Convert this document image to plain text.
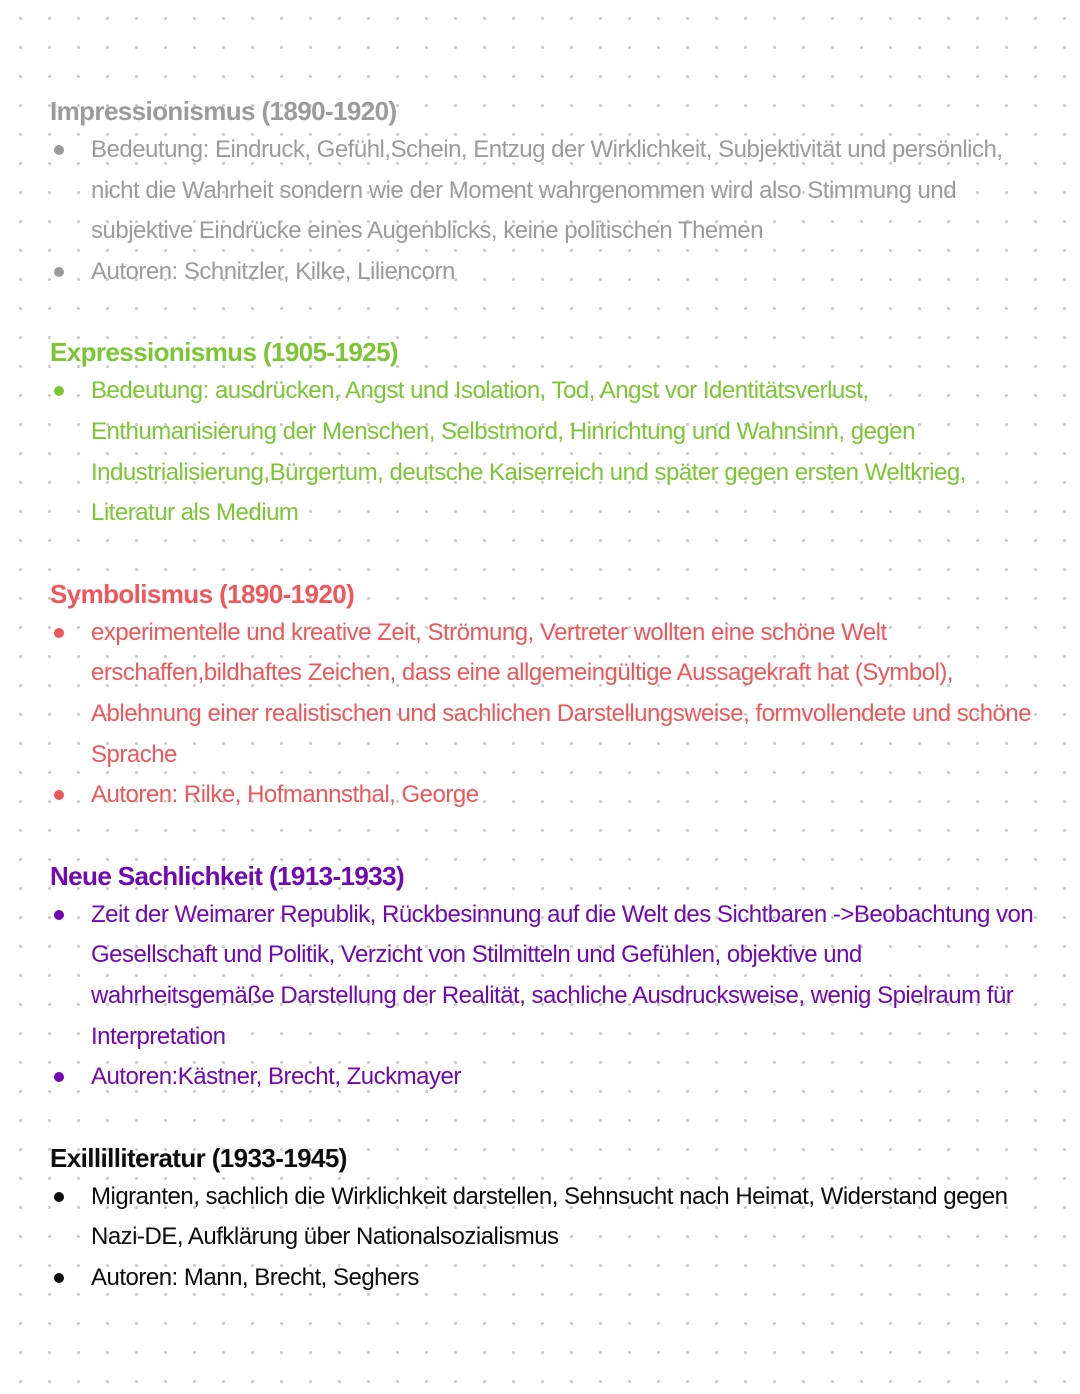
Impressionismus (1890-1920)
Bedeutung: Eindruck, Gefühl,Schein, Entzug der Wirklichkeit, Subjektivität und persönlich, nicht die Wahrheit sondern wie der Moment wahrgenommen wird also Stimmung und subjektive Eindrücke eines Augenblicks, keine politischen Themen
Autoren: Schnitzler, Kilke, Liliencorn
Expressionismus (1905-1925)
Bedeutung: ausdrücken, Angst und Isolation, Tod, Angst vor Identitätsverlust, Enthumanisierung der Menschen, Selbstmord, Hinrichtung und Wahnsinn, gegen Industrialisierung,Bürgertum, deutsche Kaiserreich und später gegen ersten Weltkrieg, Literatur als Medium
Symbolismus (1890-1920)
experimentelle und kreative Zeit, Strömung, Vertreter wollten eine schöne Welt erschaffen,bildhaftes Zeichen, dass eine allgemeingültige Aussagekraft hat (Symbol), Ablehnung einer realistischen und sachlichen Darstellungsweise, formvollendete und schöne Sprache
Autoren: Rilke, Hofmannsthal, George
Neue Sachlichkeit (1913-1933)
Zeit der Weimarer Republik, Rückbesinnung auf die Welt des Sichtbaren ->Beobachtung von Gesellschaft und Politik, Verzicht von Stilmitteln und Gefühlen, objektive und wahrheitsgemäße Darstellung der Realität, sachliche Ausdrucksweise, wenig Spielraum für Interpretation
Autoren:Kästner, Brecht, Zuckmayer
Exillilliteratur (1933-1945)
Migranten, sachlich die Wirklichkeit darstellen, Sehnsucht nach Heimat, Widerstand gegen Nazi-DE, Aufklärung über Nationalsozialismus
Autoren: Mann, Brecht, Seghers
